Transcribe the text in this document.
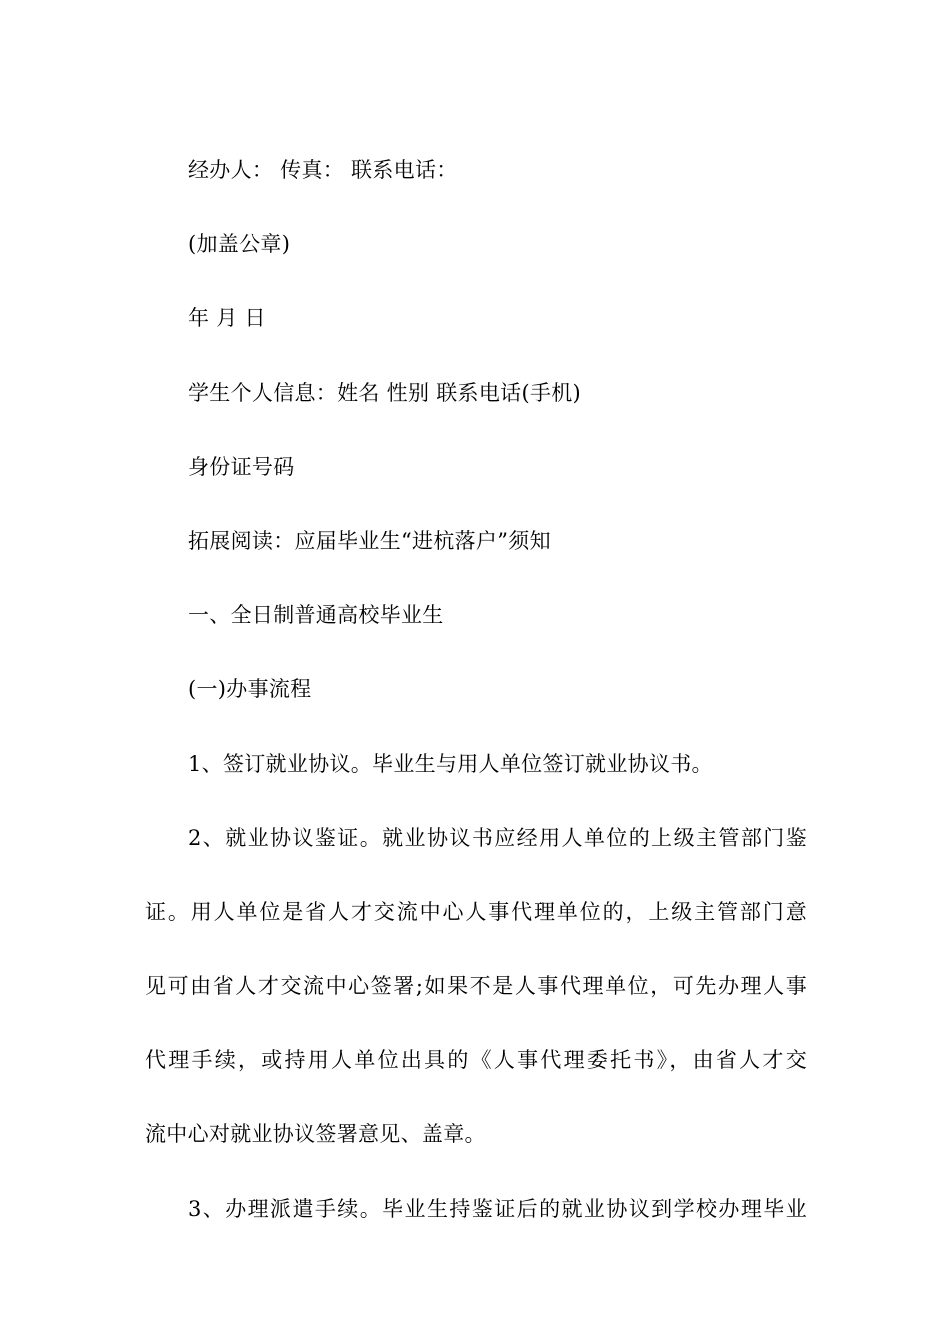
经办人： 传真： 联系电话：
(加盖公章)
年 月 日
学生个人信息：姓名 性别 联系电话(手机)
身份证号码
拓展阅读：应届毕业生“进杭落户”须知
一、全日制普通高校毕业生
(一)办事流程
1、签订就业协议。毕业生与用人单位签订就业协议书。
2、就业协议鉴证。就业协议书应经用人单位的上级主管部门鉴
证。用人单位是省人才交流中心人事代理单位的，上级主管部门意
见可由省人才交流中心签署;如果不是人事代理单位，可先办理人事
代理手续，或持用人单位出具的《人事代理委托书》，由省人才交
流中心对就业协议签署意见、盖章。
3、办理派遣手续。毕业生持鉴证后的就业协议到学校办理毕业
